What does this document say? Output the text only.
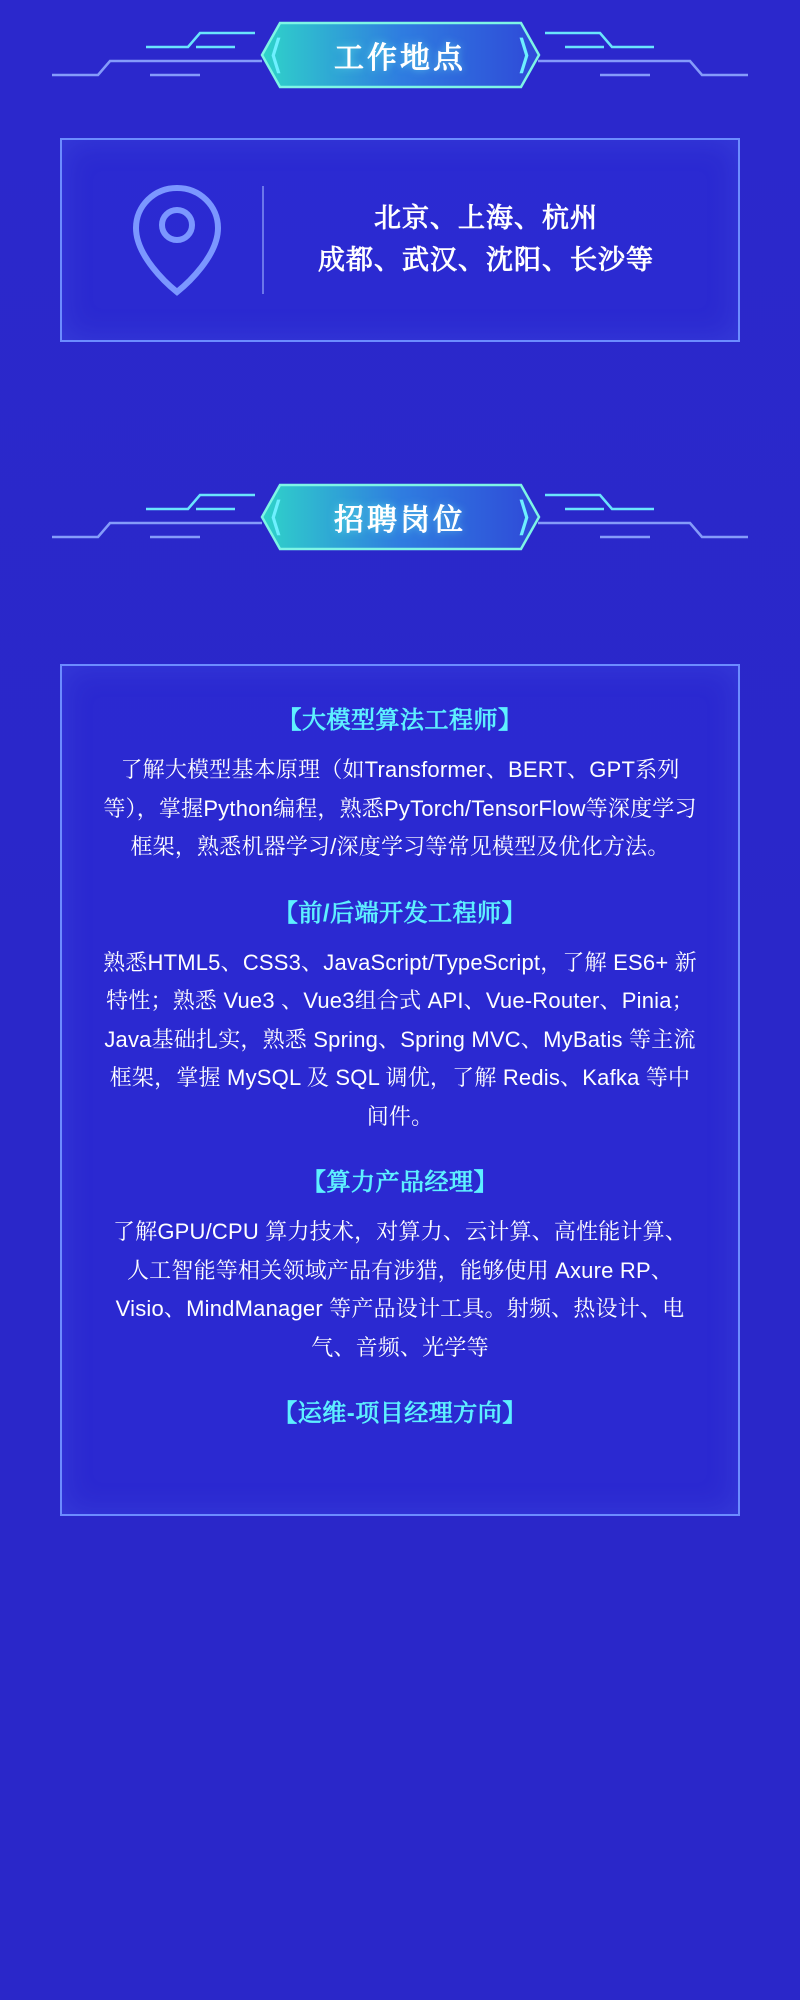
工作地点
⟨	⟩
北京、上海、杭州
成都、武汉、沈阳、长沙等
招聘岗位
⟨	⟩
【大模型算法工程师】
了解大模型基本原理（如Transformer、BERT、GPT系列等），掌握Python编程，熟悉PyTorch/TensorFlow等深度学习框架，熟悉机器学习/深度学习等常见模型及优化方法。
【前/后端开发工程师】
熟悉HTML5、CSS3、JavaScript/TypeScript，了解 ES6+ 新特性；熟悉 Vue3 、Vue3组合式 API、Vue-Router、Pinia；Java基础扎实，熟悉 Spring、Spring MVC、MyBatis 等主流框架，掌握 MySQL 及 SQL 调优，了解 Redis、Kafka 等中间件。
【算力产品经理】
了解GPU/CPU 算力技术，对算力、云计算、高性能计算、人工智能等相关领域产品有涉猎，能够使用 Axure RP、Visio、MindManager 等产品设计工具。射频、热设计、电气、音频、光学等
【运维-项目经理方向】
